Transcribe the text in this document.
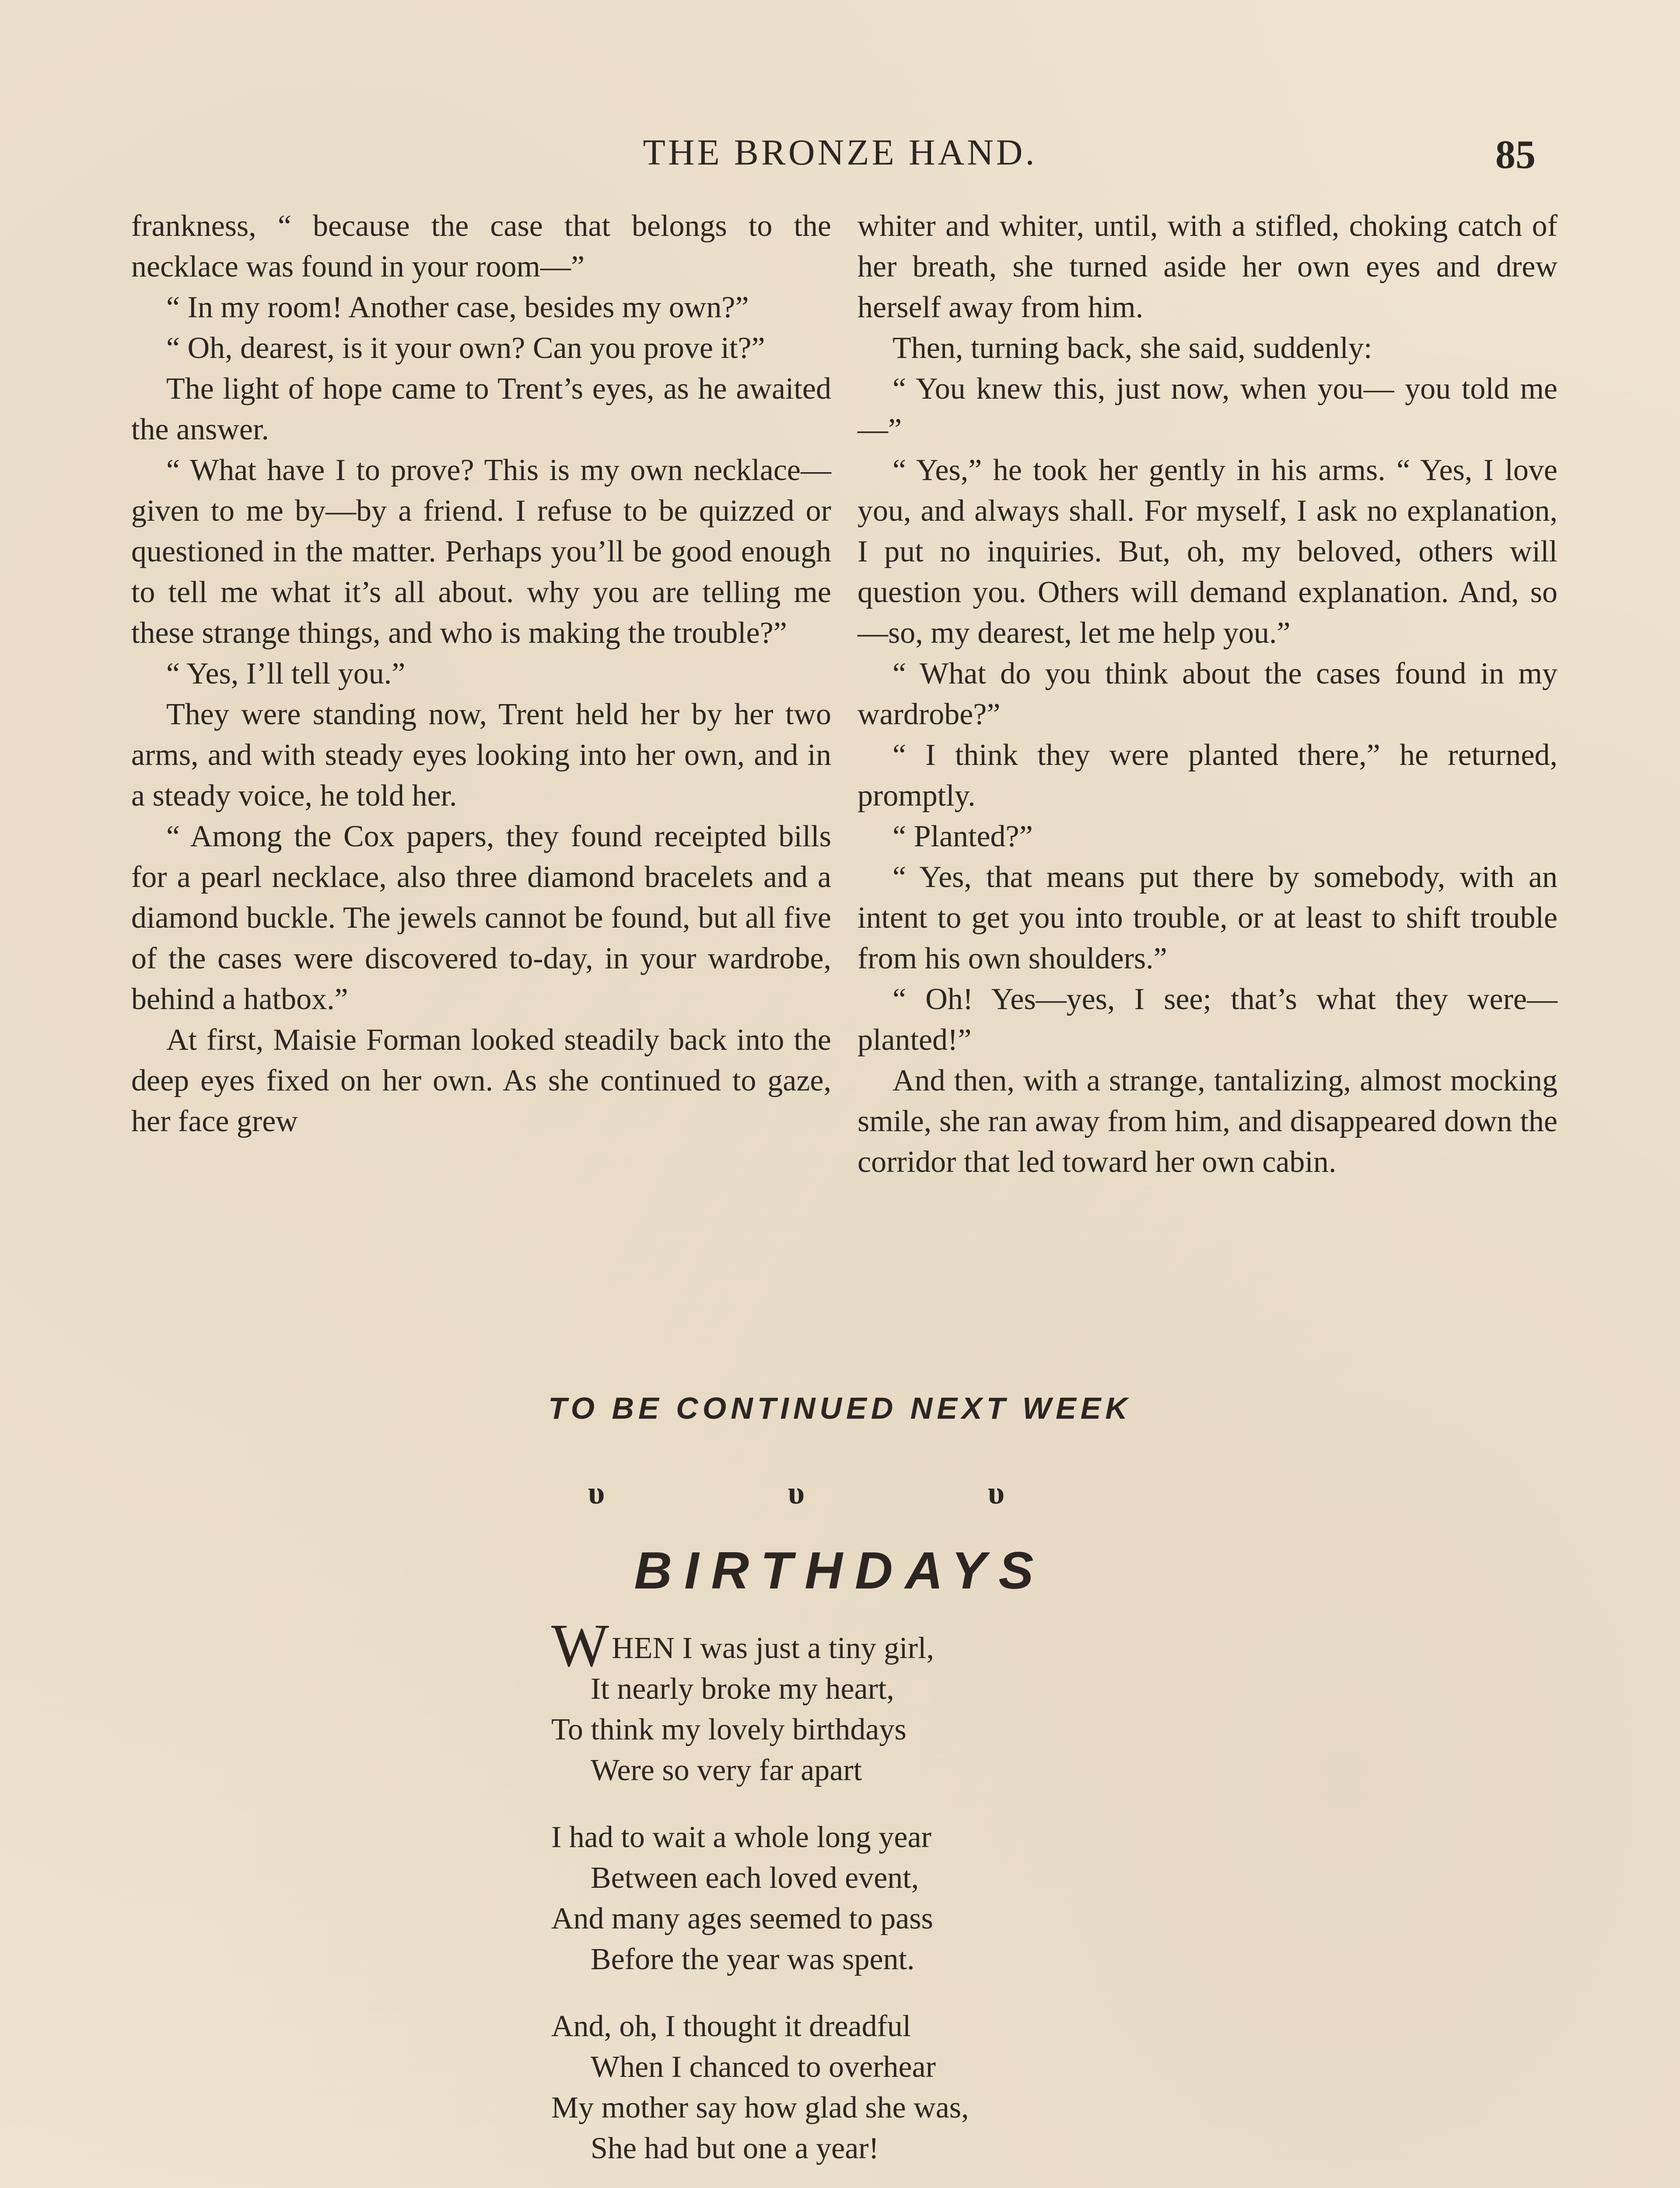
THE BRONZE HAND.	85

frankness, “ because the case that belongs to the necklace was found in your room—”

“ In my room! Another case, besides my own?”

“ Oh, dearest, is it your own? Can you prove it?”

The light of hope came to Trent’s eyes, as he awaited the answer.

“ What have I to prove? This is my own necklace—given to me by—by a friend. I refuse to be quizzed or questioned in the matter. Perhaps you’ll be good enough to tell me what it’s all about. why you are telling me these strange things, and who is making the trouble?”

“ Yes, I’ll tell you.”

They were standing now, Trent held her by her two arms, and with steady eyes looking into her own, and in a steady voice, he told her.

“ Among the Cox papers, they found receipted bills for a pearl necklace, also three diamond bracelets and a diamond buckle. The jewels cannot be found, but all five of the cases were discovered to-day, in your wardrobe, behind a hatbox.”

At first, Maisie Forman looked steadily back into the deep eyes fixed on her own. As she continued to gaze, her face grew

whiter and whiter, until, with a stifled, choking catch of her breath, she turned aside her own eyes and drew herself away from him.

Then, turning back, she said, suddenly:

“ You knew this, just now, when you— you told me—”

“ Yes,” he took her gently in his arms. “ Yes, I love you, and always shall. For myself, I ask no explanation, I put no inquiries. But, oh, my beloved, others will question you. Others will demand explanation. And, so—so, my dearest, let me help you.”

“ What do you think about the cases found in my wardrobe?”

“ I think they were planted there,” he returned, promptly.

“ Planted?”

“ Yes, that means put there by somebody, with an intent to get you into trouble, or at least to shift trouble from his own shoulders.”

“ Oh! Yes—yes, I see; that’s what they were—planted!”

And then, with a strange, tantalizing, almost mocking smile, she ran away from him, and disappeared down the corridor that led toward her own cabin.

TO BE CONTINUED NEXT WEEK
υ υ υ
BIRTHDAYS
WHEN I was just a tiny girl,
It nearly broke my heart,
To think my lovely birthdays
Were so very far apart
I had to wait a whole long year
Between each loved event,
And many ages seemed to pass
Before the year was spent.
And, oh, I thought it dreadful
When I chanced to overhear
My mother say how glad she was,
She had but one a year!
